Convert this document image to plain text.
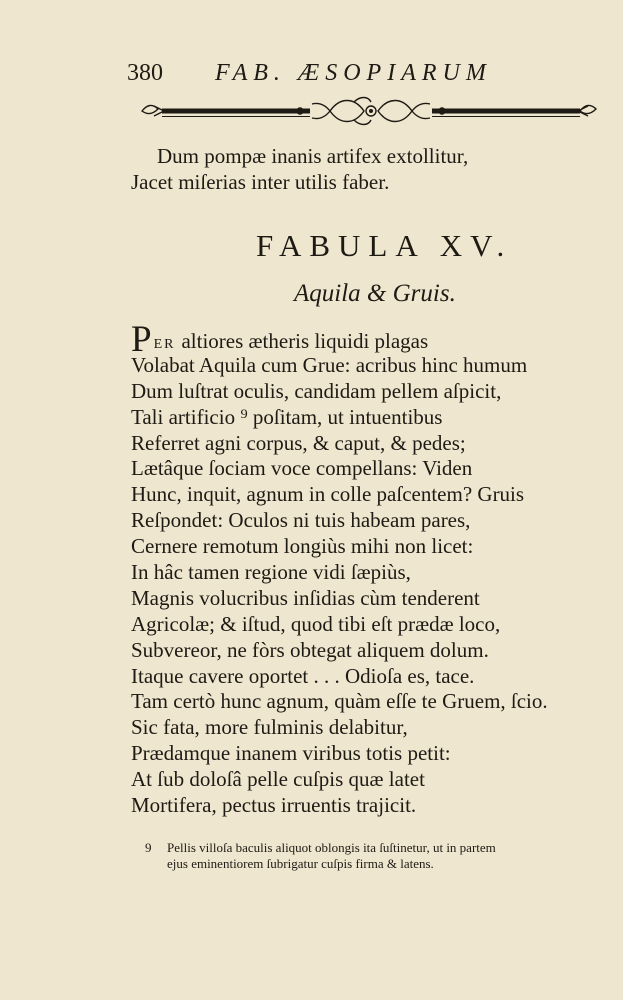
380 FAB. ÆSOPIARUM
Dum pompæ inanis artifex extollitur,
Jacet miſerias inter utilis faber.
FABULA XV.
Aquila & Gruis.
PER altiores ætheris liquidi plagas
Volabat Aquila cum Grue: acribus hinc humum
Dum luſtrat oculis, candidam pellem aſpicit,
Tali artificio ⁹ poſitam, ut intuentibus
Referret agni corpus, & caput, & pedes;
Lætâque ſociam voce compellans: Viden
Hunc, inquit, agnum in colle paſcentem? Gruis
Reſpondet: Oculos ni tuis habeam pares,
Cernere remotum longiùs mihi non licet:
In hâc tamen regione vidi ſæpiùs,
Magnis volucribus inſidias cùm tenderent
Agricolæ; & iſtud, quod tibi eſt prædæ loco,
Subvereor, ne fòrs obtegat aliquem dolum.
Itaque cavere oportet . . . Odioſa es, tace.
Tam certò hunc agnum, quàm eſſe te Gruem, ſcio.
Sic fata, more fulminis delabitur,
Prædamque inanem viribus totis petit:
At ſub doloſâ pelle cuſpis quæ latet
Mortifera, pectus irruentis trajicit.
9 Pellis villoſa baculis aliquot oblongis ita ſuſtinetur, ut in partem
ejus eminentiorem ſubrigatur cuſpis firma & latens.
